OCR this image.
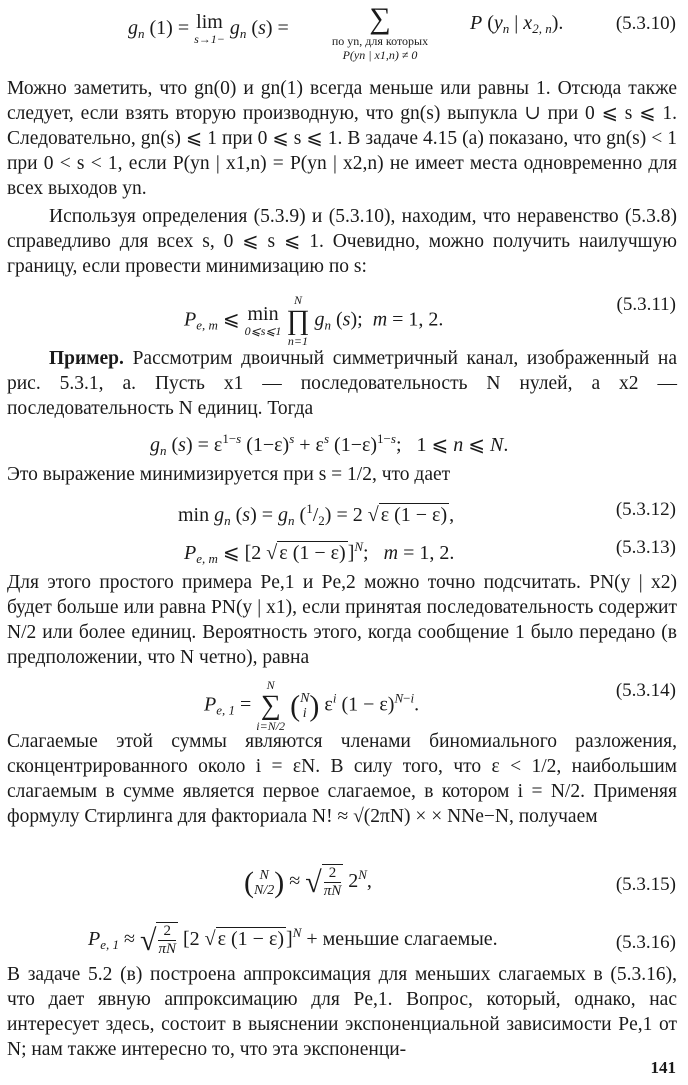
$g_n$ (1) = lim
$s\to 1- g_n$ (s) =	∑
по yn, для которых
P(yn | x1,n) ≠ 0
P ($y_n$ | $x_{2, n}$).	(5.3.10)

Можно заметить, что gn(0) и gn(1) всегда меньше или равны 1. Отсюда также следует, если взять вторую производную, что gn(s) выпукла ∪ при 0 ⩽ s ⩽ 1. Следовательно, gn(s) ⩽ 1 при 0 ⩽ s ⩽ 1. В задаче 4.15 (а) показано, что gn(s) < 1 при 0 < s < 1, если P(yn | x1,n) = P(yn | x2,n) не имеет места одновременно для всех выходов yn.

Используя определения (5.3.9) и (5.3.10), находим, что неравенство (5.3.8) справедливо для всех s, 0 ⩽ s ⩽ 1. Очевидно, можно получить наилучшую границу, если провести минимизацию по s:

$P_{e, m}$ ⩽ min
0⩽s⩽1

N
∏
n=1
$g_n$ (s);  m = 1, 2.
(5.3.11)
Пример. Рассмотрим двоичный симметричный канал, изображенный на рис. 5.3.1, а. Пусть x1 — последовательность N нулей, а x2 — последовательность N единиц. Тогда
$g_n$ $(s) = \varepsilon^{1-s}$ $(1-\varepsilon)^s + \varepsilon^s$ $(1-\varepsilon)^{1-s}$;   1 ⩽ n ⩽ N.

Это выражение минимизируется при s = 1/2, что дает

$\min g_n$ $(s) = g_n$ $(^1/_2) = 2$ √ ε (1 − ε) ,	(5.3.12)
$P_{e, m}$ ⩽ [2 √ ε (1 − ε) ]$^N$;   m = 1, 2.	(5.3.13)

Для этого простого примера Pe,1 и Pe,2 можно точно подсчитать. PN(y | x2) будет больше или равна PN(y | x1), если принятая последовательность содержит N/2 или более единиц. Вероятность этого, когда сообщение 1 было передано (в предположении, что N четно), равна

$P_{e, 1}$ =
N
∑
i=N/2
( N
i ) $\varepsilon^i$ $(1 - \varepsilon)^{N-i}$.
(5.3.14)

Слагаемые этой суммы являются членами биномиального разложения, сконцентрированного около i = εN. В силу того, что ε < 1/2, наибольшим слагаемым в сумме является первое слагаемое, в котором i = N/2. Применяя формулу Стирлинга для факториала N! ≈ √(2πN) × × NNe−N, получаем

( N
N/2 ) ≈ √ $\frac{2}{\pi N} 2^N$,	(5.3.15)
$P_{e, 1}$ ≈ √ $\frac{2}{\pi N} [2$ √ ε (1 − ε) ]$^N$ + меньшие слагаемые.	(5.3.16)

В задаче 5.2 (в) построена аппроксимация для меньших слагаемых в (5.3.16), что дает явную аппроксимацию для Pe,1. Вопрос, который, однако, нас интересует здесь, состоит в выяснении экспоненциальной зависимости Pe,1 от N; нам также интересно то, что эта экспоненци-

141
